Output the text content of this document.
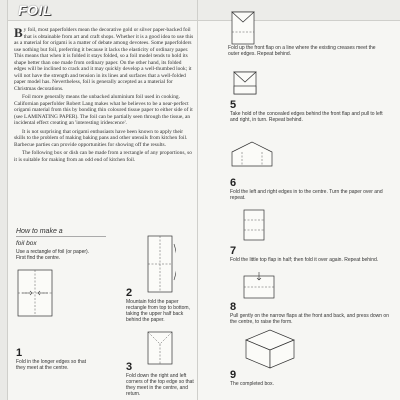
FOIL

By foil, most paperfolders mean the decorative gold or silver paper-backed foil that is obtainable from art and craft shops. Whether it is a good idea to use this as a material for origami is a matter of debate among devotees. Some paperfolders use nothing but foil, preferring it because it lacks the elasticity of ordinary paper. This means that when it is folded it stays folded, so a foil model tends to hold its shape better than one made from ordinary paper. On the other hand, its folded edges will be inclined to crack and it may quickly develop a well-thumbed look; it will not have the strength and tension in its lines and surfaces that a well-folded paper model has. Nevertheless, foil is generally accepted as a material for Christmas decorations.

Foil more generally means the unbacked aluminium foil used in cooking. Californian paperfolder Robert Lang makes what he believes to be a near-perfect origami material from this by bonding thin coloured tissue paper to either side of it (see LAMINATING PAPER). The foil can be partially seen through the tissue, an incidental effect creating an 'interesting iridescence'.

It is not surprising that origami enthusiasts have been known to apply their skills to the problem of making baking pans and other utensils from kitchen foil. Barbecue parties can provide opportunities for showing off the results.

The following box or dish can be made from a rectangle of any proportions, so it is suitable for making from an odd end of kitchen foil.

How to make a
foil box
Use a rectangle of foil (or paper). First find the centre.
1
Fold in the longer edges so that they meet at the centre.
2
Mountain fold the paper rectangle from top to bottom, taking the upper half back behind the paper.
3
Fold down the right and left corners of the top edge so that they meet in the centre, and return.
Fold up the front flap on a line where the existing creases meet the outer edges. Repeat behind.
5
Take hold of the concealed edges behind the front flap and pull to left and right, in turn. Repeat behind.
6
Fold the left and right edges in to the centre. Turn the paper over and repeat.
7
Fold the little top flap in half; then fold it over again. Repeat behind.
8
Pull gently on the narrow flaps at the front and back, and press down on the centre, to raise the form.
9
The completed box.
